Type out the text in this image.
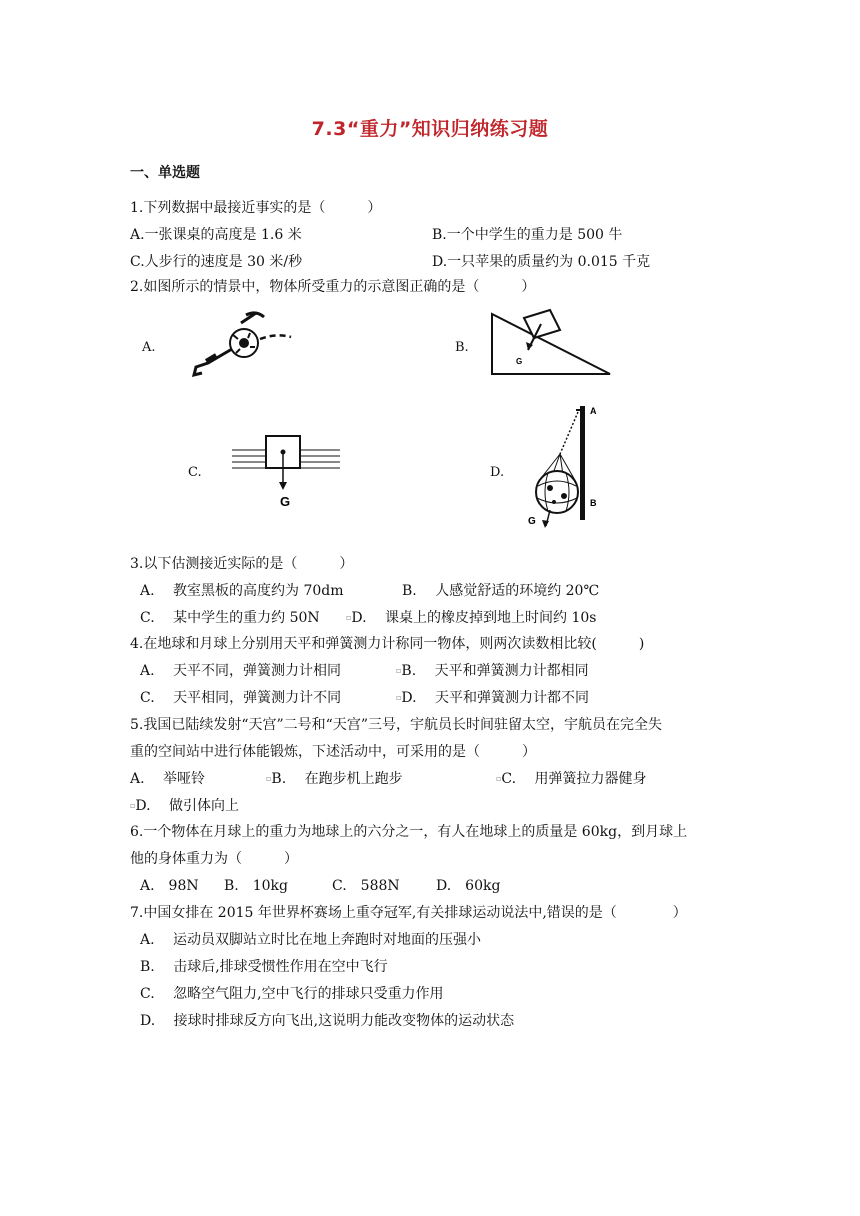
7.3“重力”知识归纳练习题
一、单选题
1.下列数据中最接近事实的是（　　　）
A.一张课桌的高度是 1.6 米	B.一个中学生的重力是 500 牛
C.人步行的速度是 30 米/秒	D.一只苹果的质量约为 0.015 千克
2.如图所示的情景中，物体所受重力的示意图正确的是（　　　）
A.	B.
G
C.
G
D.
A
B
G
3.以下估测接近实际的是（　　　）
A.　 教室黑板的高度约为 70dm	B.　 人感觉舒适的环境约 20℃
C.　 某中学生的重力约 50N	▫D.　 课桌上的橡皮掉到地上时间约 10s
4.在地球和月球上分别用天平和弹簧测力计称同一物体，则两次读数相比较(　　　)
A.　 天平不同，弹簧测力计相同	▫B.　 天平和弹簧测力计都相同
C.　 天平相同，弹簧测力计不同	▫D.　 天平和弹簧测力计都不同
5.我国已陆续发射“天宫”二号和“天宫”三号，宇航员长时间驻留太空，宇航员在完全失
重的空间站中进行体能锻炼，下述活动中，可采用的是（　　　）
A.　 举哑铃	▫B.　 在跑步机上跑步	▫C.　 用弹簧拉力器健身
▫D.　 做引体向上
6.一个物体在月球上的重力为地球上的六分之一，有人在地球上的质量是 60kg，到月球上
他的身体重力为（　　　）
A.　98N B.　10kg	C.　588N	D.　60kg
7.中国女排在 2015 年世界杯赛场上重夺冠军,有关排球运动说法中,错误的是（　　　　）
A.　 运动员双脚站立时比在地上奔跑时对地面的压强小
B.　 击球后,排球受惯性作用在空中飞行
C.　 忽略空气阻力,空中飞行的排球只受重力作用
D.　 接球时排球反方向飞出,这说明力能改变物体的运动状态
